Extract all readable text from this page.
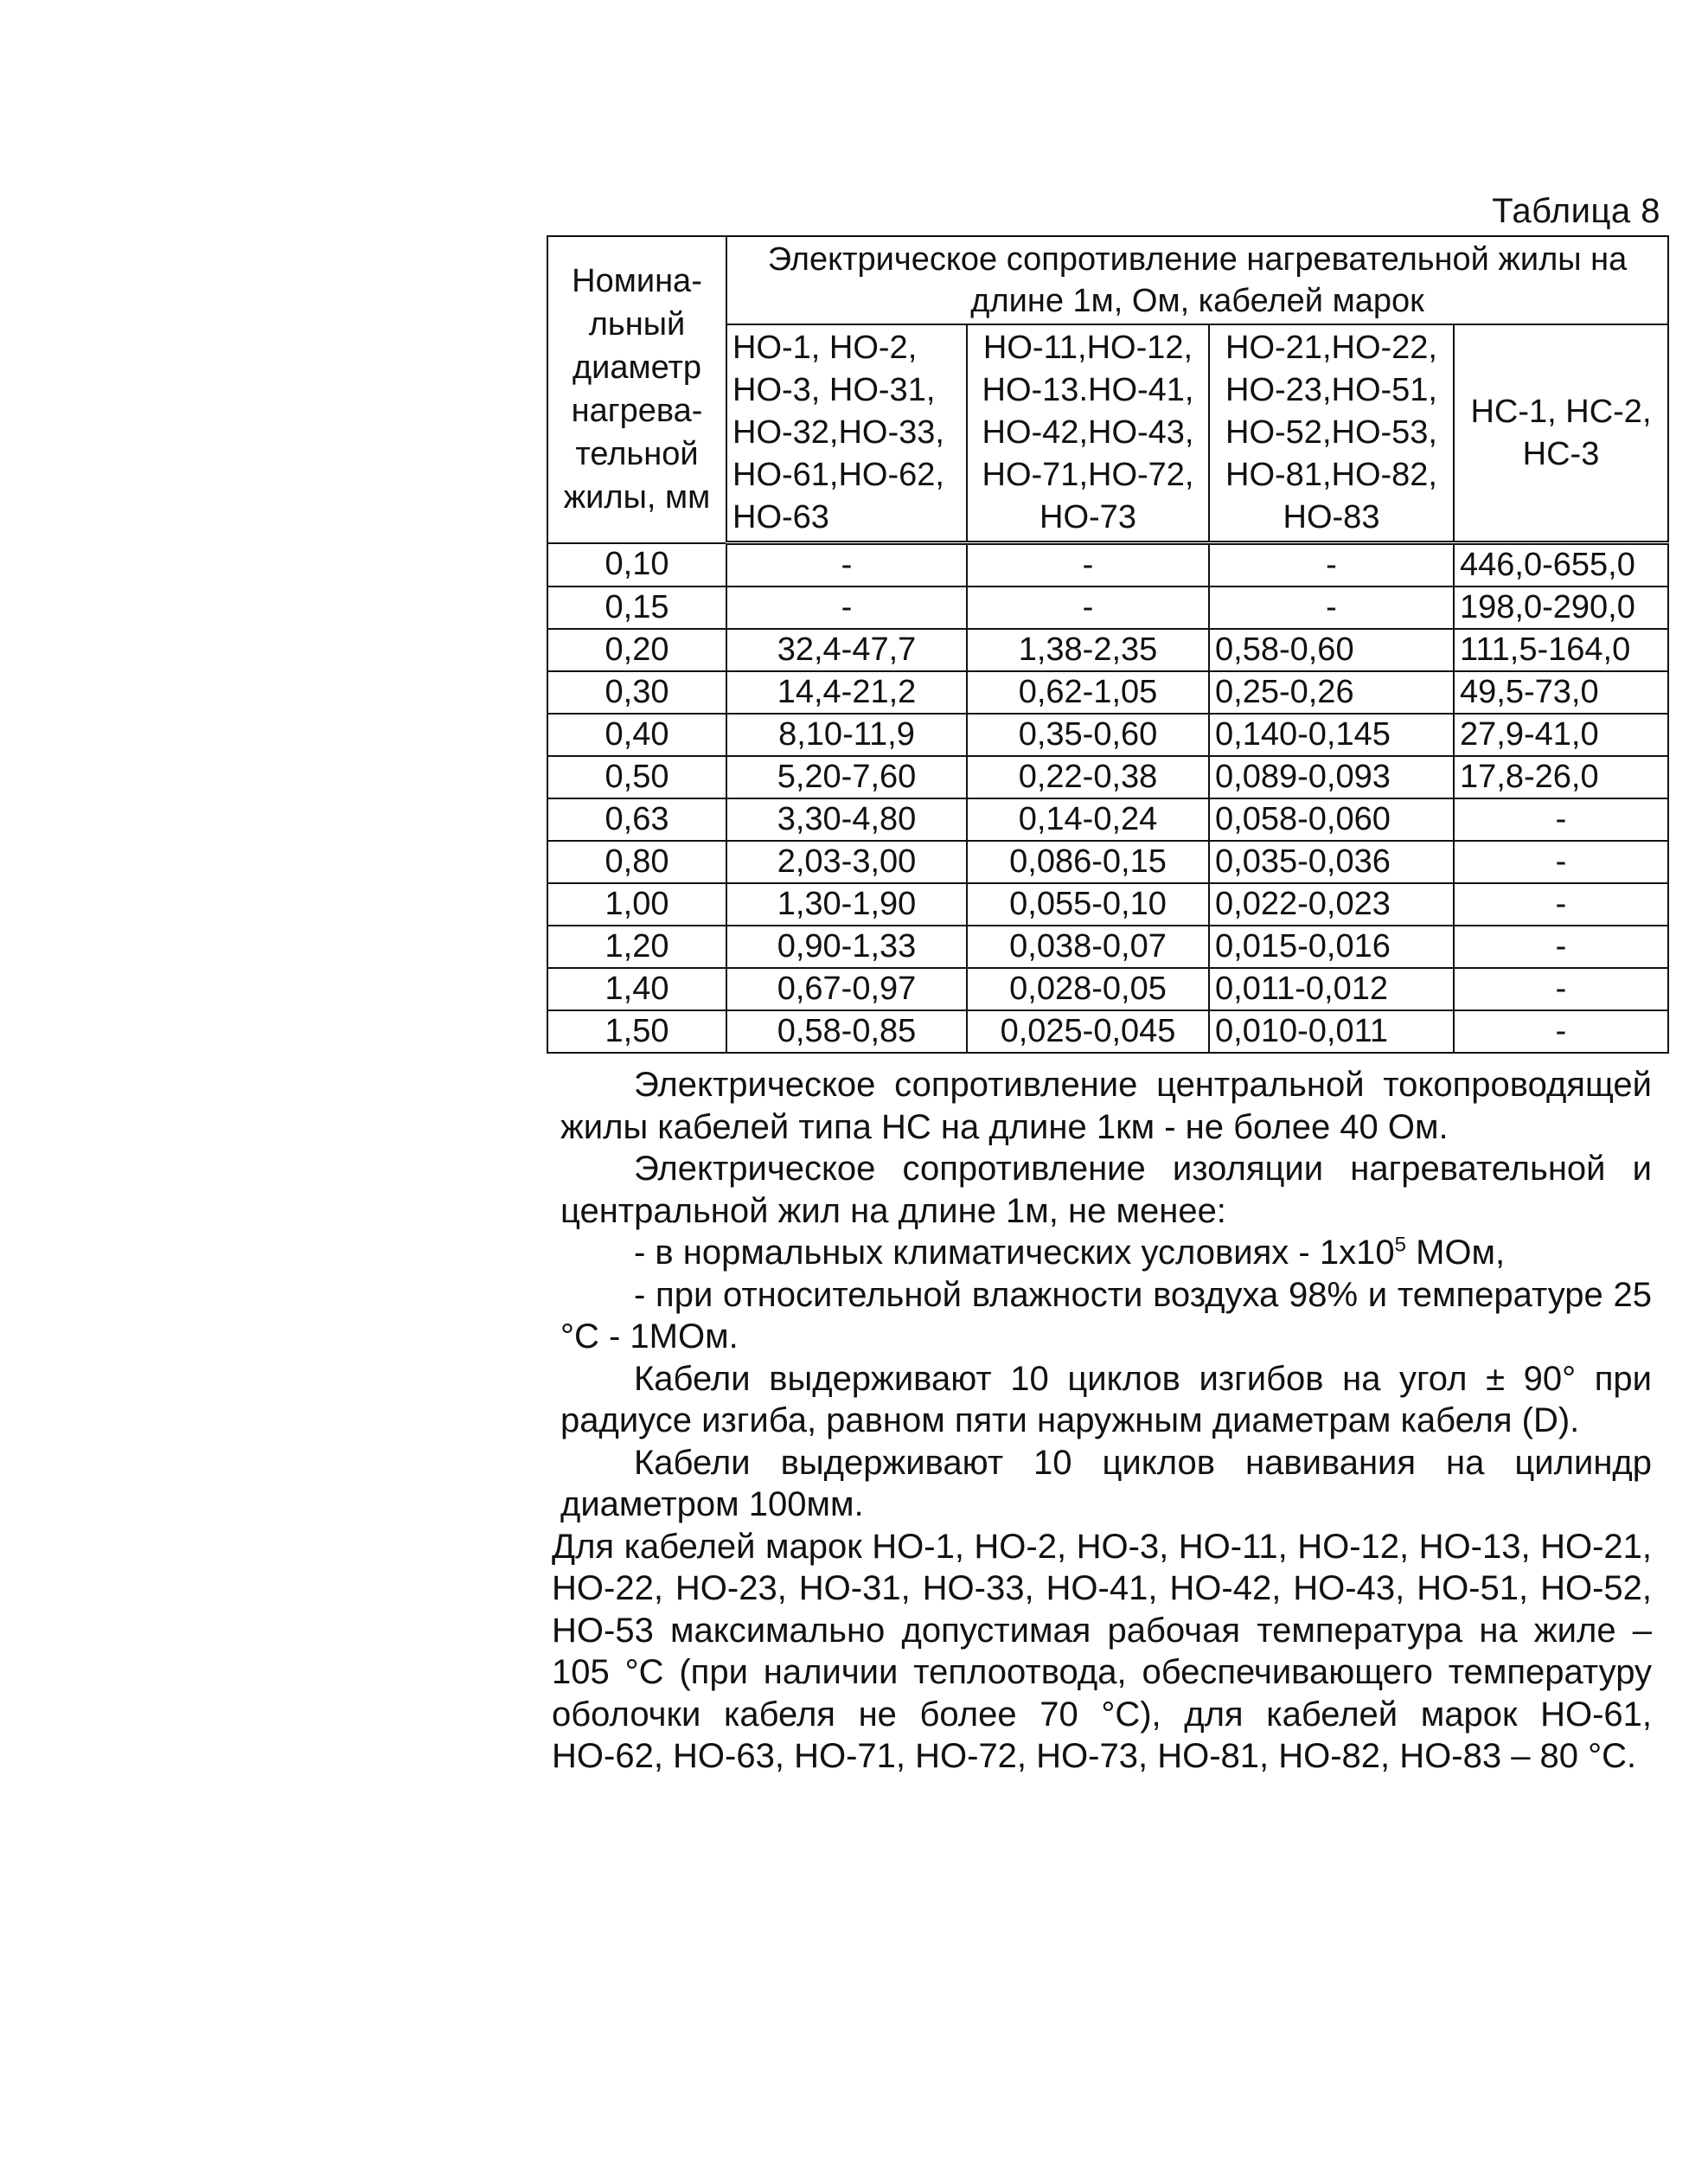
Таблица 8
Номина-льный диаметр нагрева-тельной жилы, мм	Электрическое сопротивление нагревательной жилы на длине 1м, Ом, кабелей марок			
	НО-1, НО-2, НО-3, НО-31, НО-32,НО-33, НО-61,НО-62, НО-63	НО-11,НО-12, НО-13.НО-41, НО-42,НО-43, НО-71,НО-72, НО-73	НО-21,НО-22, НО-23,НО-51, НО-52,НО-53, НО-81,НО-82, НО-83	НС-1, НС-2, НС-3
0,10	-	-	-	446,0-655,0
0,15	-	-	-	198,0-290,0
0,20	32,4-47,7	1,38-2,35	0,58-0,60	111,5-164,0
0,30	14,4-21,2	0,62-1,05	0,25-0,26	49,5-73,0
0,40	8,10-11,9	0,35-0,60	0,140-0,145	27,9-41,0
0,50	5,20-7,60	0,22-0,38	0,089-0,093	17,8-26,0
0,63	3,30-4,80	0,14-0,24	0,058-0,060	-
0,80	2,03-3,00	0,086-0,15	0,035-0,036	-
1,00	1,30-1,90	0,055-0,10	0,022-0,023	-
1,20	0,90-1,33	0,038-0,07	0,015-0,016	-
1,40	0,67-0,97	0,028-0,05	0,011-0,012	-
1,50	0,58-0,85	0,025-0,045	0,010-0,011	-

Электрическое сопротивление центральной токопроводящей жилы кабелей типа НС на длине 1км - не более 40 Ом.

Электрическое сопротивление изоляции нагревательной и центральной жил на длине 1м, не менее:

- в нормальных климатических условиях - $1х10^5$ МОм,

- при относительной влажности воздуха 98% и температуре 25 °С - 1МОм.

Кабели выдерживают 10 циклов изгибов на угол ± 90° при радиусе изгиба, равном пяти наружным диаметрам кабеля (D).

Кабели выдерживают 10 циклов навивания на цилиндр диаметром 100мм.

Для кабелей марок НО-1, НО-2, НО-3, НО-11, НО-12, НО-13, НО-21, НО-22, НО-23, НО-31, НО-33, НО-41, НО-42, НО-43, НО-51, НО-52, НО-53 максимально допустимая рабочая температура на жиле – 105 °С (при наличии теплоотвода, обеспечивающего температуру оболочки кабеля не более 70 °С), для кабелей марок НО-61, НО-62, НО-63, НО-71, НО-72, НО-73, НО-81, НО-82, НО-83 – 80 °С.
